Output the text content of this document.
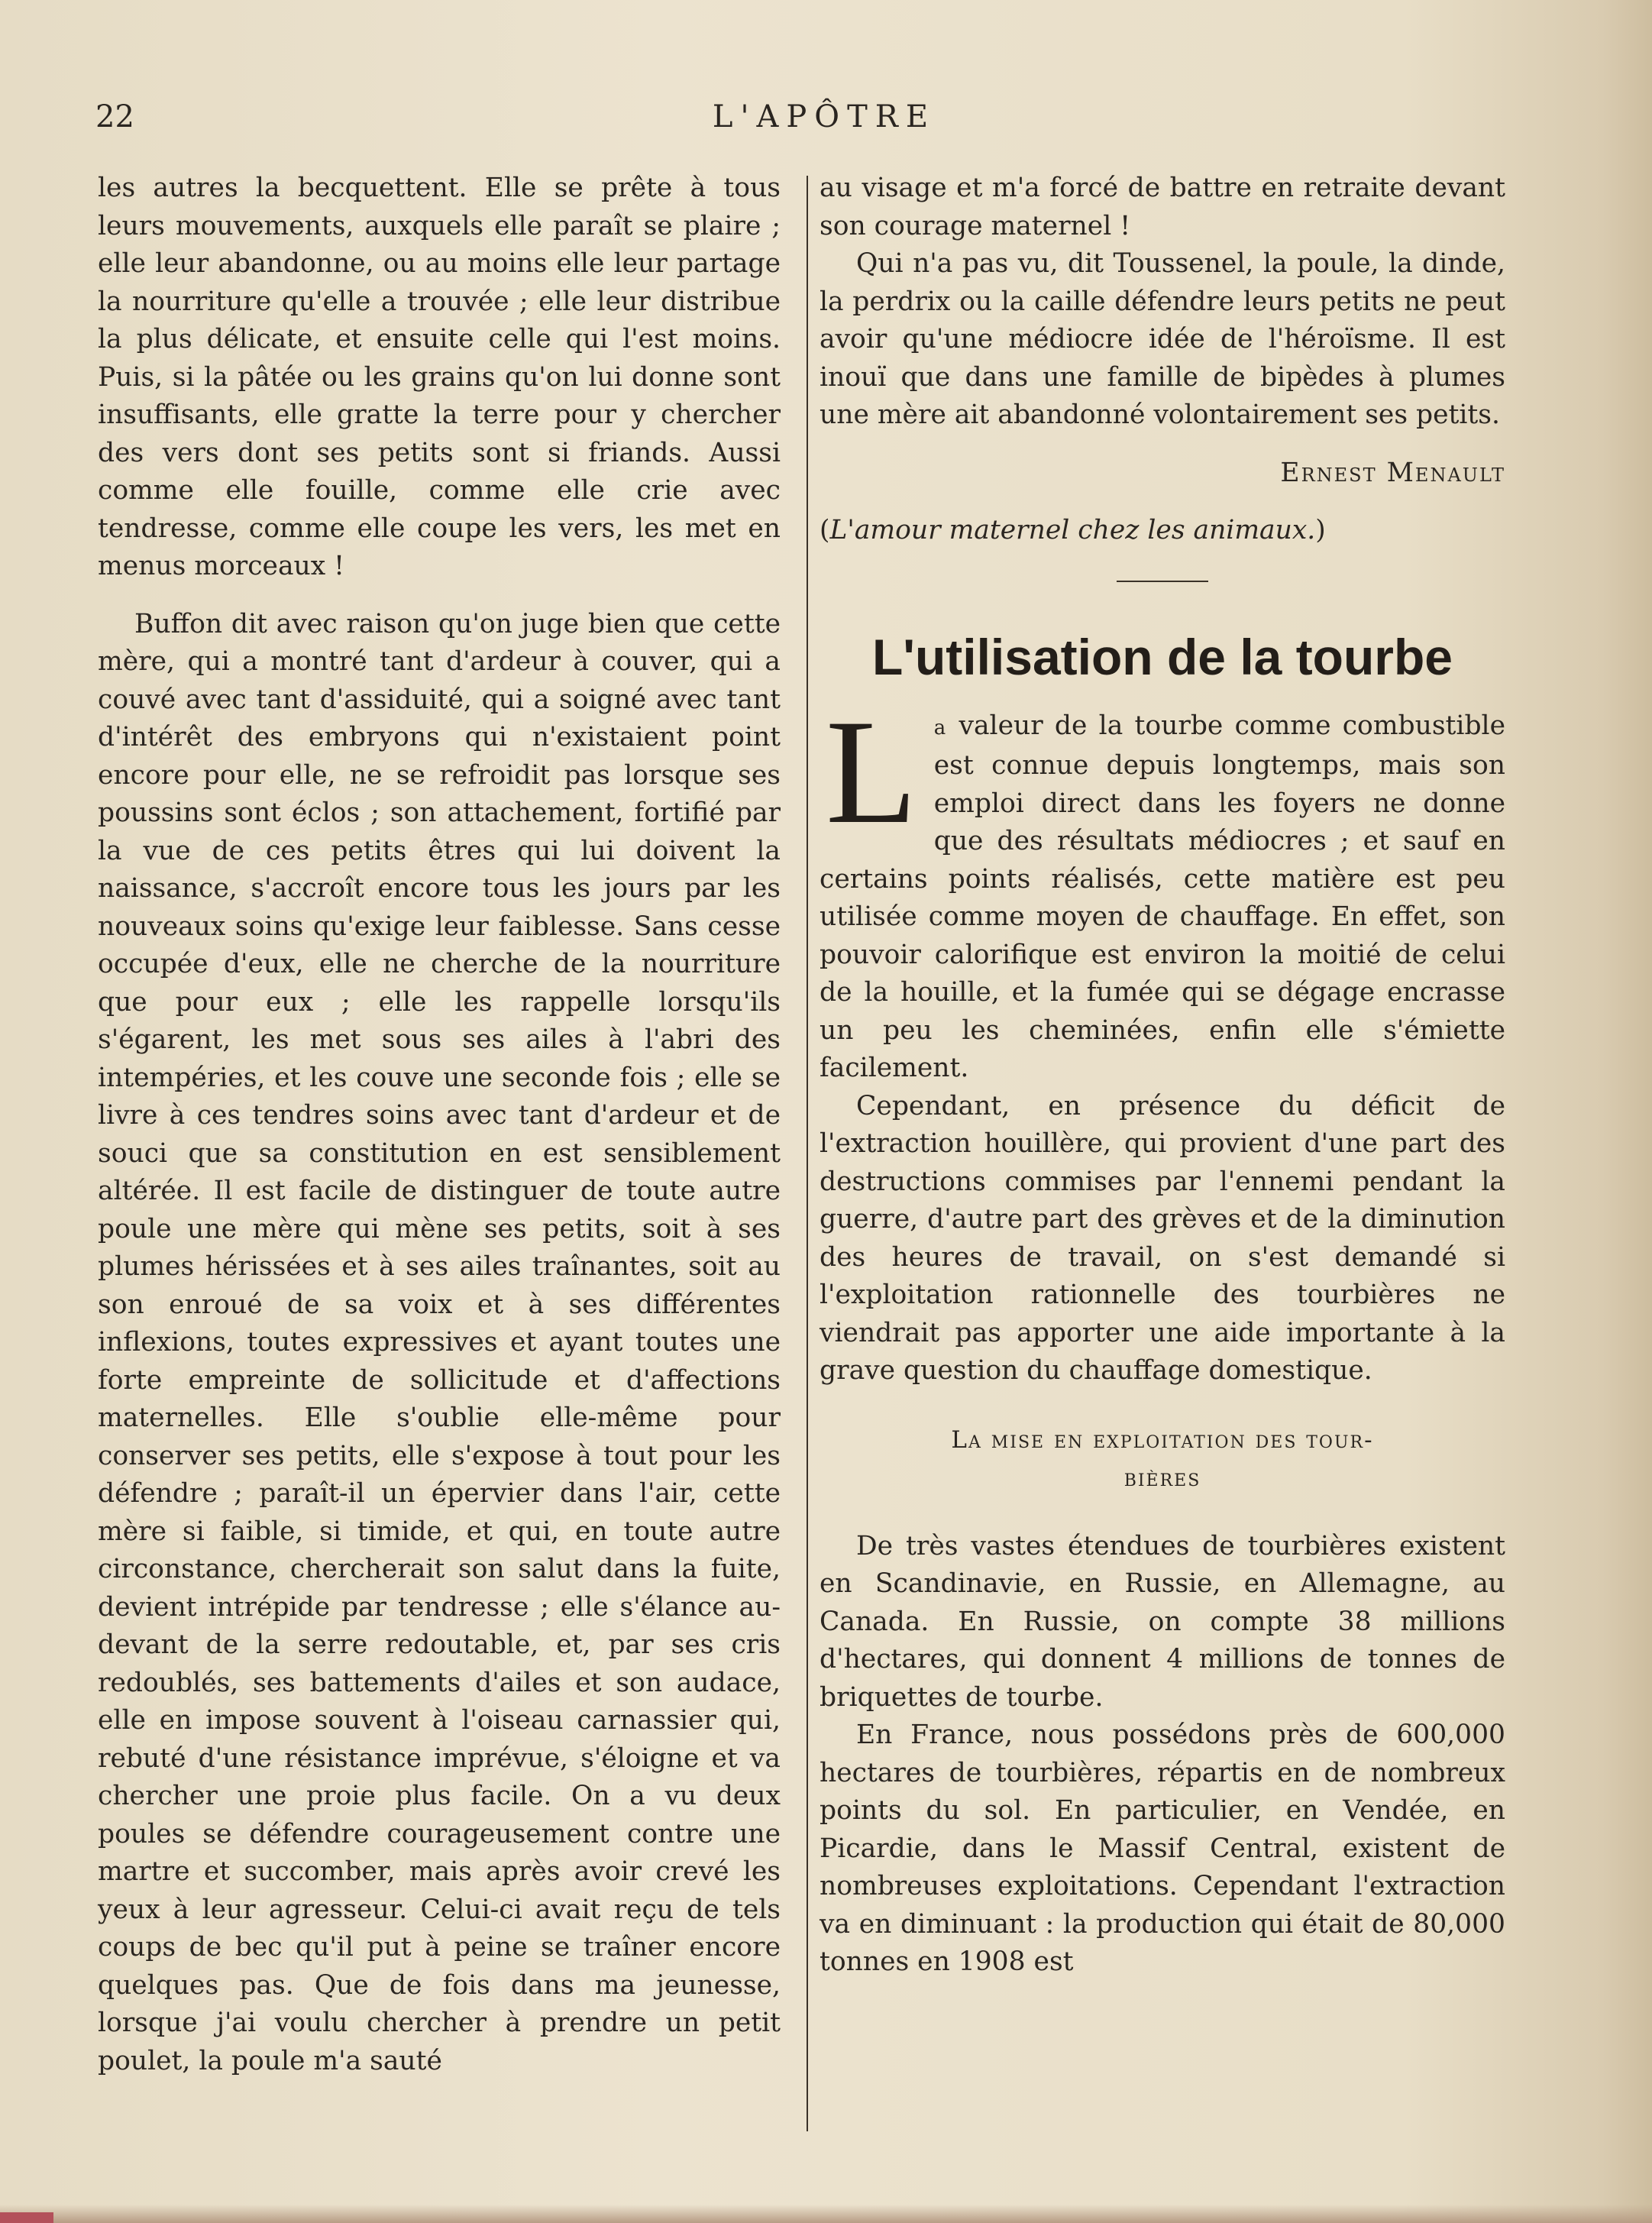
22	L'APÔTRE

les autres la becquettent. Elle se prête à tous leurs mouvements, auxquels elle paraît se plaire ; elle leur abandonne, ou au moins elle leur partage la nourriture qu'elle a trouvée ; elle leur distribue la plus délicate, et ensuite celle qui l'est moins. Puis, si la pâtée ou les grains qu'on lui donne sont insuffisants, elle gratte la terre pour y chercher des vers dont ses petits sont si friands. Aussi comme elle fouille, comme elle crie avec tendresse, comme elle coupe les vers, les met en menus morceaux !

Buffon dit avec raison qu'on juge bien que cette mère, qui a montré tant d'ardeur à couver, qui a couvé avec tant d'assiduité, qui a soigné avec tant d'intérêt des embryons qui n'existaient point encore pour elle, ne se refroidit pas lorsque ses poussins sont éclos ; son attachement, fortifié par la vue de ces petits êtres qui lui doivent la naissance, s'accroît encore tous les jours par les nouveaux soins qu'exige leur faiblesse. Sans cesse occupée d'eux, elle ne cherche de la nourriture que pour eux ; elle les rappelle lorsqu'ils s'égarent, les met sous ses ailes à l'abri des intempéries, et les couve une seconde fois ; elle se livre à ces tendres soins avec tant d'ardeur et de souci que sa constitution en est sensiblement altérée. Il est facile de distinguer de toute autre poule une mère qui mène ses petits, soit à ses plumes hérissées et à ses ailes traînantes, soit au son enroué de sa voix et à ses différentes inflexions, toutes expressives et ayant toutes une forte empreinte de sollicitude et d'affections maternelles. Elle s'oublie elle-même pour conserver ses petits, elle s'expose à tout pour les défendre ; paraît-il un épervier dans l'air, cette mère si faible, si timide, et qui, en toute autre circonstance, chercherait son salut dans la fuite, devient intrépide par tendresse ; elle s'élance au-devant de la serre redoutable, et, par ses cris redoublés, ses battements d'ailes et son audace, elle en impose souvent à l'oiseau carnassier qui, rebuté d'une résistance imprévue, s'éloigne et va chercher une proie plus facile. On a vu deux poules se défendre courageusement contre une martre et succomber, mais après avoir crevé les yeux à leur agresseur. Celui-ci avait reçu de tels coups de bec qu'il put à peine se traîner encore quelques pas. Que de fois dans ma jeunesse, lorsque j'ai voulu chercher à prendre un petit poulet, la poule m'a sauté

au visage et m'a forcé de battre en retraite devant son courage maternel !

Qui n'a pas vu, dit Toussenel, la poule, la dinde, la perdrix ou la caille défendre leurs petits ne peut avoir qu'une médiocre idée de l'héroïsme. Il est inouï que dans une famille de bipèdes à plumes une mère ait abandonné volontairement ses petits.

Ernest Menault

(L'amour maternel chez les animaux.)

L'utilisation de la tourbe

La valeur de la tourbe comme combustible est connue depuis longtemps, mais son emploi direct dans les foyers ne donne que des résultats médiocres ; et sauf en certains points réalisés, cette matière est peu utilisée comme moyen de chauffage. En effet, son pouvoir calorifique est environ la moitié de celui de la houille, et la fumée qui se dégage encrasse un peu les cheminées, enfin elle s'émiette facilement.

Cependant, en présence du déficit de l'extraction houillère, qui provient d'une part des destructions commises par l'ennemi pendant la guerre, d'autre part des grèves et de la diminution des heures de travail, on s'est demandé si l'exploitation rationnelle des tourbières ne viendrait pas apporter une aide importante à la grave question du chauffage domestique.

La mise en exploitation des tour-
bières

De très vastes étendues de tourbières existent en Scandinavie, en Russie, en Allemagne, au Canada. En Russie, on compte 38 millions d'hectares, qui donnent 4 millions de tonnes de briquettes de tourbe.

En France, nous possédons près de 600,000 hectares de tourbières, répartis en de nombreux points du sol. En particulier, en Vendée, en Picardie, dans le Massif Central, existent de nombreuses exploitations. Cependant l'extraction va en diminuant : la production qui était de 80,000 tonnes en 1908 est
